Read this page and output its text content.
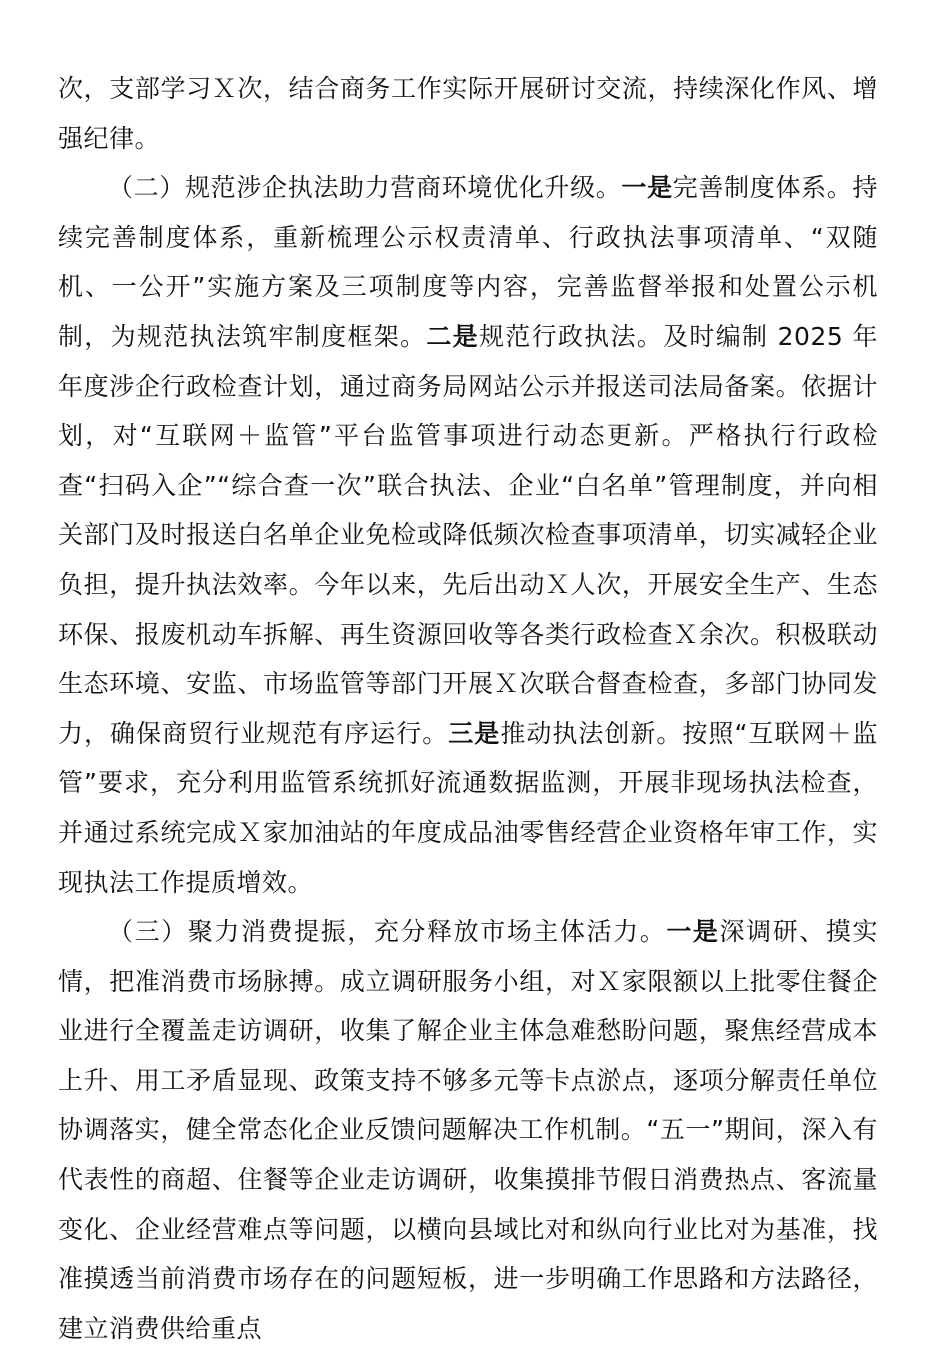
次，支部学习Ｘ次，结合商务工作实际开展研讨交流，持续深化作风、增强纪律。

（二）规范涉企执法助力营商环境优化升级。一是完善制度体系。持续完善制度体系，重新梳理公示权责清单、行政执法事项清单、“双随机、一公开”实施方案及三项制度等内容，完善监督举报和处置公示机制，为规范执法筑牢制度框架。二是规范行政执法。及时编制 2025 年年度涉企行政检查计划，通过商务局网站公示并报送司法局备案。依据计划，对“互联网＋监管”平台监管事项进行动态更新。严格执行行政检查“扫码入企”“综合查一次”联合执法、企业“白名单”管理制度，并向相关部门及时报送白名单企业免检或降低频次检查事项清单，切实减轻企业负担，提升执法效率。今年以来，先后出动Ｘ人次，开展安全生产、生态环保、报废机动车拆解、再生资源回收等各类行政检查Ｘ余次。积极联动生态环境、安监、市场监管等部门开展Ｘ次联合督查检查，多部门协同发力，确保商贸行业规范有序运行。三是推动执法创新。按照“互联网＋监管”要求，充分利用监管系统抓好流通数据监测，开展非现场执法检查，并通过系统完成Ｘ家加油站的年度成品油零售经营企业资格年审工作，实现执法工作提质增效。

（三）聚力消费提振，充分释放市场主体活力。一是深调研、摸实情，把准消费市场脉搏。成立调研服务小组，对Ｘ家限额以上批零住餐企业进行全覆盖走访调研，收集了解企业主体急难愁盼问题，聚焦经营成本上升、用工矛盾显现、政策支持不够多元等卡点淤点，逐项分解责任单位协调落实，健全常态化企业反馈问题解决工作机制。“五一”期间，深入有代表性的商超、住餐等企业走访调研，收集摸排节假日消费热点、客流量变化、企业经营难点等问题，以横向县域比对和纵向行业比对为基准，找准摸透当前消费市场存在的问题短板，进一步明确工作思路和方法路径，建立消费供给重点
